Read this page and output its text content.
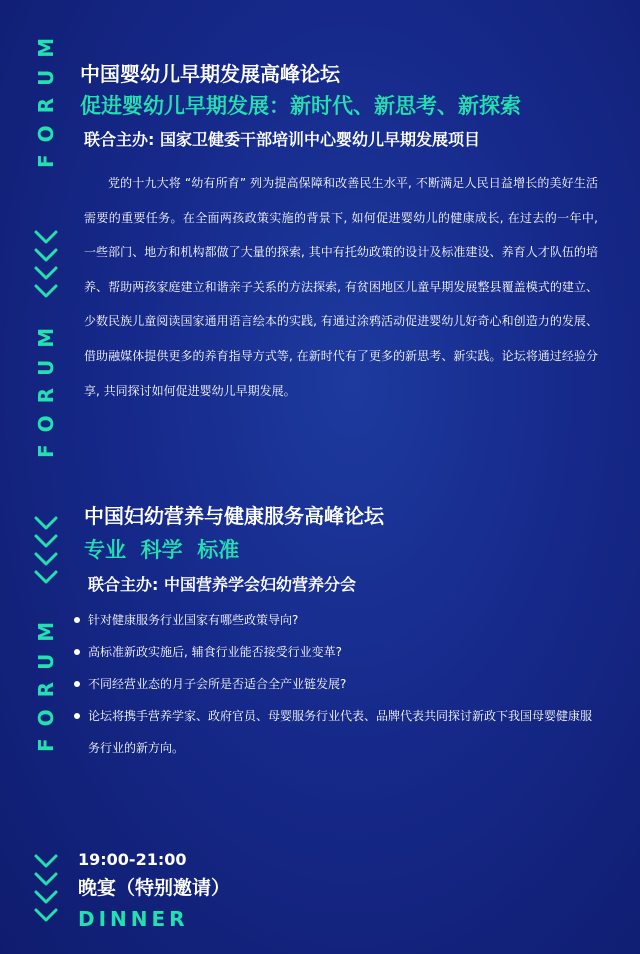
FORUM
FORUM
FORUM

中国婴幼儿早期发展高峰论坛

促进婴幼儿早期发展：新时代、新思考、新探索

联合主办: 国家卫健委干部培训中心婴幼儿早期发展项目

党的十九大将 “幼有所育” 列为提高保障和改善民生水平, 不断满足人民日益增长的美好生活需要的重要任务。在全面两孩政策实施的背景下, 如何促进婴幼儿的健康成长, 在过去的一年中, 一些部门、地方和机构都做了大量的探索, 其中有托幼政策的设计及标准建设、养育人才队伍的培养、帮助两孩家庭建立和谐亲子关系的方法探索, 有贫困地区儿童早期发展整县覆盖模式的建立、少数民族儿童阅读国家通用语言绘本的实践, 有通过涂鸦活动促进婴幼儿好奇心和创造力的发展、借助融媒体提供更多的养育指导方式等, 在新时代有了更多的新思考、新实践。论坛将通过经验分享, 共同探讨如何促进婴幼儿早期发展。

中国妇幼营养与健康服务高峰论坛

专业  科学  标准

联合主办: 中国营养学会妇幼营养分会

针对健康服务行业国家有哪些政策导向?
高标准新政实施后, 辅食行业能否接受行业变革?
不同经营业态的月子会所是否适合全产业链发展?
论坛将携手营养学家、政府官员、母婴服务行业代表、品牌代表共同探讨新政下我国母婴健康服务行业的新方向。

19:00-21:00

晚宴（特别邀请）

DINNER
